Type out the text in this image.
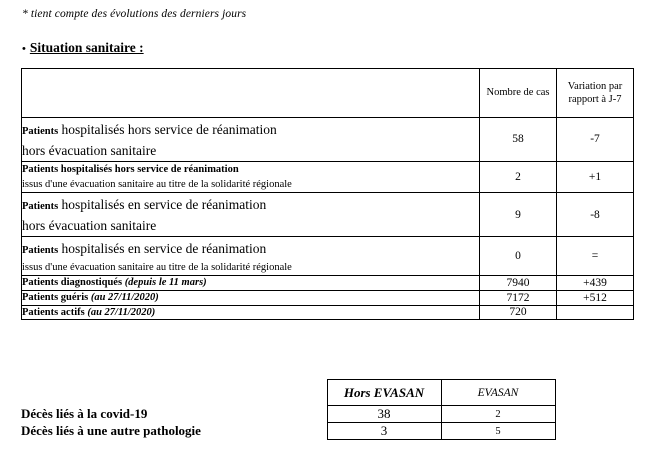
* tient compte des évolutions des derniers jours
• Situation sanitaire :
	Nombre de cas	Variation par rapport à J-7

Patients hospitalisés hors service de réanimation
hors évacuation sanitaire	58	-7

Patients hospitalisés hors service de réanimation
issus d'une évacuation sanitaire au titre de la solidarité régionale	2	+1

Patients hospitalisés en service de réanimation
hors évacuation sanitaire	9	-8

Patients hospitalisés en service de réanimation
issus d'une évacuation sanitaire au titre de la solidarité régionale	0	=
Patients diagnostiqués (depuis le 11 mars)	7940	+439
Patients guéris (au 27/11/2020)	7172	+512
Patients actifs (au 27/11/2020)	720	
	Hors EVASAN	EVASAN
Décès liés à la covid-19	38	2
Décès liés à une autre pathologie	3	5
